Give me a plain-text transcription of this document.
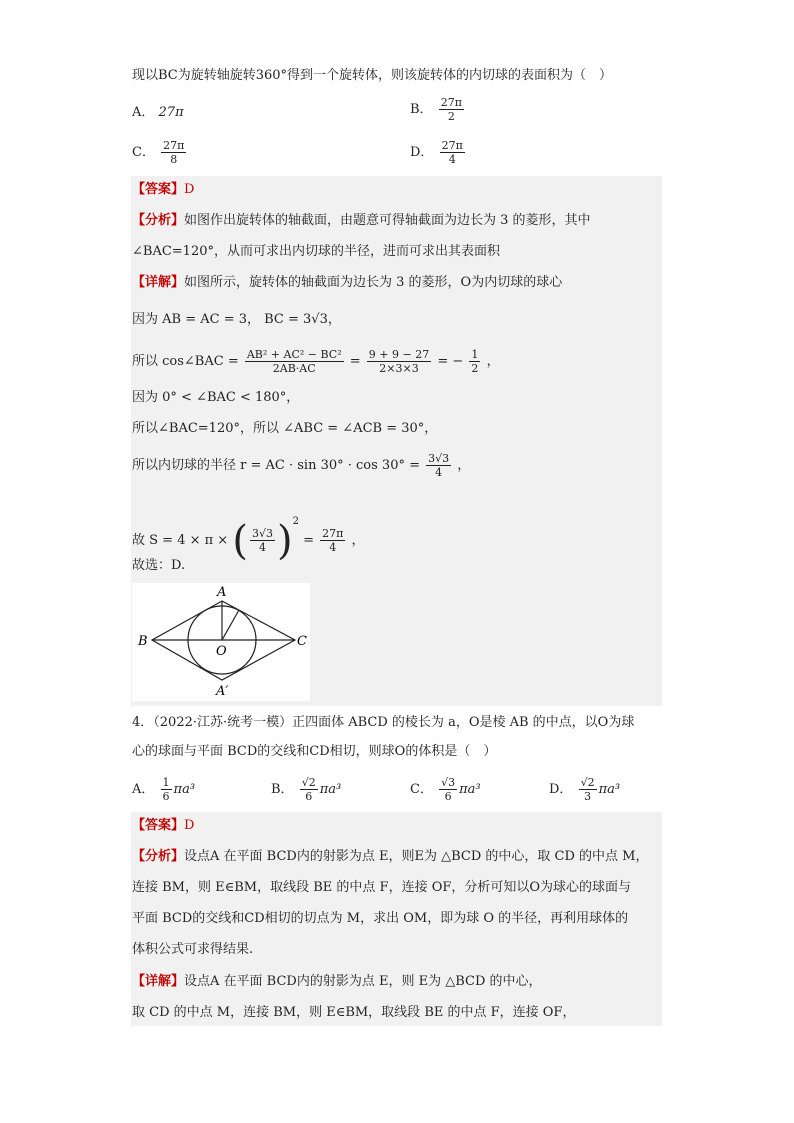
现以BC为旋转轴旋转360°得到一个旋转体，则该旋转体的内切球的表面积为（　）
A． 27π	B． $\frac{27\pi}{2}$
C． $\frac{27\pi}{8}$	D． $\frac{27\pi}{4}$
【答案】D
【分析】如图作出旋转体的轴截面，由题意可得轴截面为边长为 3 的菱形，其中
∠BAC=120°，从而可求出内切球的半径，进而可求出其表面积
【详解】如图所示，旋转体的轴截面为边长为 3 的菱形，O为内切球的球心
因为 AB = AC = 3， BC = 3√3，
所以 cos∠BAC = $\frac{\text{AB² + AC² − BC²}}{2AB\cdot AC} = \frac{9 + 9 - 27}{2\times 3\times 3}$ = − $\frac{1}{2}$ ，
因为 0° < ∠BAC < 180°，
所以∠BAC=120°，所以 ∠ABC = ∠ACB = 30°，
所以内切球的半径 r = AC · $\sin 30^\circ \cdot \cos 30^\circ = \frac{3√3}{4}$ ，
故 S = 4 × π × ( $\frac{3√3}{4} )^2 = \frac{27\pi}{4}$ ，
故选：D.
A
B	C
O
A′
4．（2022·江苏·统考一模）正四面体 ABCD 的棱长为 a，O是棱 AB 的中点，以O为球
心的球面与平面 BCD的交线和CD相切，则球O的体积是（　）
A． $\frac{1}{6} \pi a^3$	B． $\frac{√2}{6} \pi a^3$	C． $\frac{√3}{6} \pi a^3$	D． $\frac{√2}{3} \pi a^3$
【答案】D
【分析】设点A 在平面 BCD内的射影为点 E，则E为 △BCD 的中心，取 CD 的中点 M，
连接 BM，则 E∈BM，取线段 BE 的中点 F，连接 OF，分析可知以O为球心的球面与
平面 BCD的交线和CD相切的切点为 M，求出 OM，即为球 O 的半径，再利用球体的
体积公式可求得结果.
【详解】设点A 在平面 BCD内的射影为点 E，则 E为 △BCD 的中心，
取 CD 的中点 M，连接 BM，则 E∈BM，取线段 BE 的中点 F，连接 OF，
